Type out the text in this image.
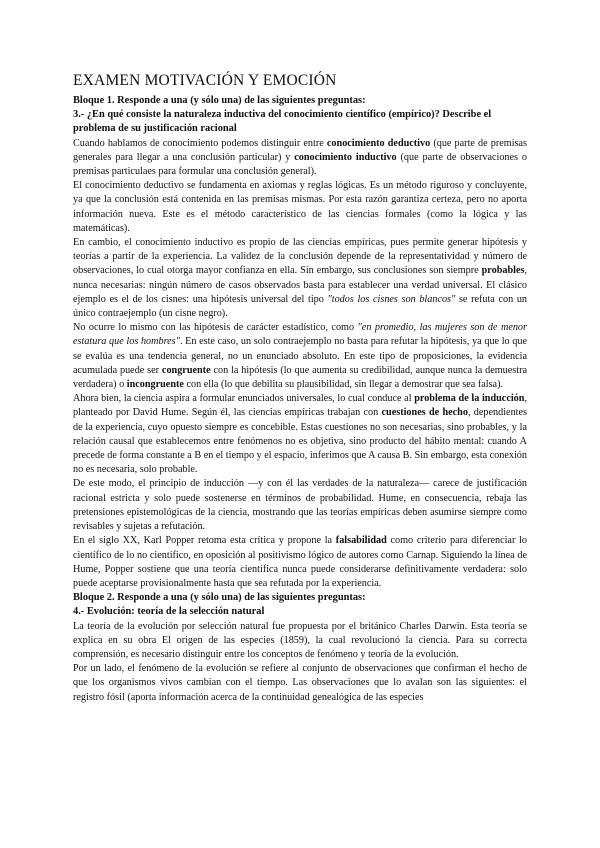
EXAMEN MOTIVACIÓN Y EMOCIÓN
Bloque 1. Responde a una (y sólo una) de las siguientes preguntas:
3.- ¿En qué consiste la naturaleza inductiva del conocimiento científico (empírico)? Describe el problema de su justificación racional

Cuando hablamos de conocimiento podemos distinguir entre conocimiento deductivo (que parte de premisas generales para llegar a una conclusión particular) y conocimiento inductivo (que parte de observaciones o premisas particulaes para formular una conclusión general).

El conocimiento deductivo se fundamenta en axiomas y reglas lógicas. Es un método riguroso y concluyente, ya que la conclusión está contenida en las premisas mismas. Por esta razón garantiza certeza, pero no aporta información nueva. Este es el método característico de las ciencias formales (como la lógica y las matemáticas).

En cambio, el conocimiento inductivo es propio de las ciencias empíricas, pues permite generar hipótesis y teorías a partir de la experiencia. La validez de la conclusión depende de la representatividad y número de observaciones, lo cual otorga mayor confianza en ella. Sin embargo, sus conclusiones son siempre probables, nunca necesarias: ningún número de casos observados basta para establecer una verdad universal. El clásico ejemplo es el de los cisnes: una hipótesis universal del tipo "todos los cisnes son blancos" se refuta con un único contraejemplo (un cisne negro).

No ocurre lo mismo con las hipótesis de carácter estadístico, como "en promedio, las mujeres son de menor estatura que los hombres". En este caso, un solo contraejemplo no basta para refutar la hipótesis, ya que lo que se evalúa es una tendencia general, no un enunciado absoluto. En este tipo de proposiciones, la evidencia acumulada puede ser congruente con la hipótesis (lo que aumenta su credibilidad, aunque nunca la demuestra verdadera) o incongruente con ella (lo que debilita su plausibilidad, sin llegar a demostrar que sea falsa).

Ahora bien, la ciencia aspira a formular enunciados universales, lo cual conduce al problema de la inducción, planteado por David Hume. Según él, las ciencias empíricas trabajan con cuestiones de hecho, dependientes de la experiencia, cuyo opuesto siempre es concebible. Estas cuestiones no son necesarias, sino probables, y la relación causal que establecemos entre fenómenos no es objetiva, sino producto del hábito mental: cuando A precede de forma constante a B en el tiempo y el espacio, inferimos que A causa B. Sin embargo, esta conexión no es necesaria, solo probable.

De este modo, el principio de inducción —y con él las verdades de la naturaleza— carece de justificación racional estricta y solo puede sostenerse en términos de probabilidad. Hume, en consecuencia, rebaja las pretensiones epistemológicas de la ciencia, mostrando que las teorías empíricas deben asumirse siempre como revisables y sujetas a refutación.

En el siglo XX, Karl Popper retoma esta crítica y propone la falsabilidad como criterio para diferenciar lo científico de lo no científico, en oposición al positivismo lógico de autores como Carnap. Siguiendo la línea de Hume, Popper sostiene que una teoría científica nunca puede considerarse definitivamente verdadera: solo puede aceptarse provisionalmente hasta que sea refutada por la experiencia.

Bloque 2. Responde a una (y sólo una) de las siguientes preguntas:
4.- Evolución: teoría de la selección natural

La teoría de la evolución por selección natural fue propuesta por el británico Charles Darwin. Esta teoría se explica en su obra El origen de las especies (1859), la cual revolucionó la ciencia. Para su correcta comprensión, es necesario distinguir entre los conceptos de fenómeno y teoría de la evolución.

Por un lado, el fenómeno de la evolución se refiere al conjunto de observaciones que confirman el hecho de que los organismos vivos cambian con el tiempo. Las observaciones que lo avalan son las siguientes: el registro fósil (aporta información acerca de la continuidad genealógica de las especies
